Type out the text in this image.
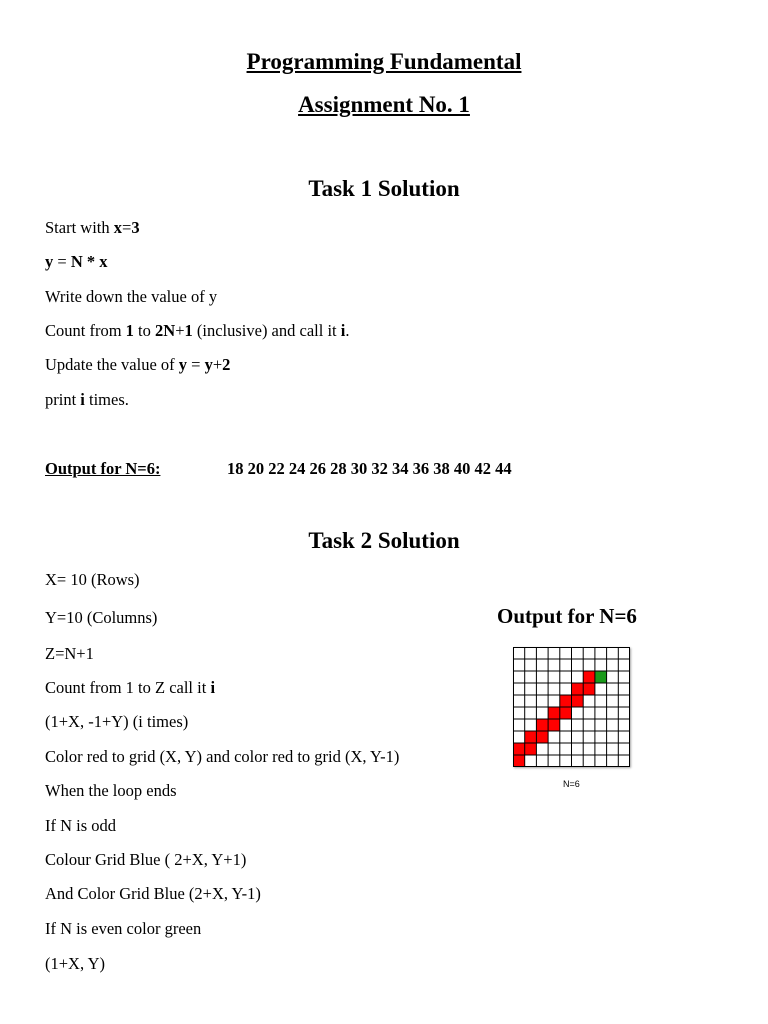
Programming Fundamental
Assignment No. 1
Task 1 Solution
Start with x=3
y = N * x
Write down the value of y
Count from 1 to 2N+1 (inclusive) and call it i.
Update the value of y = y+2
print i times.
Output for N=6:	18 20 22 24 26 28 30 32 34 36 38 40 42 44
Task 2 Solution
X= 10 (Rows)
Y=10 (Columns)
Z=N+1
Count from 1 to Z call it i
(1+X, -1+Y) (i times)
Color red to grid (X, Y) and color red to grid (X, Y-1)
When the loop ends
If N is odd
Colour Grid Blue ( 2+X, Y+1)
And Color Grid Blue (2+X, Y-1)
If N is even color green
(1+X, Y)
Output for N=6
N=6
